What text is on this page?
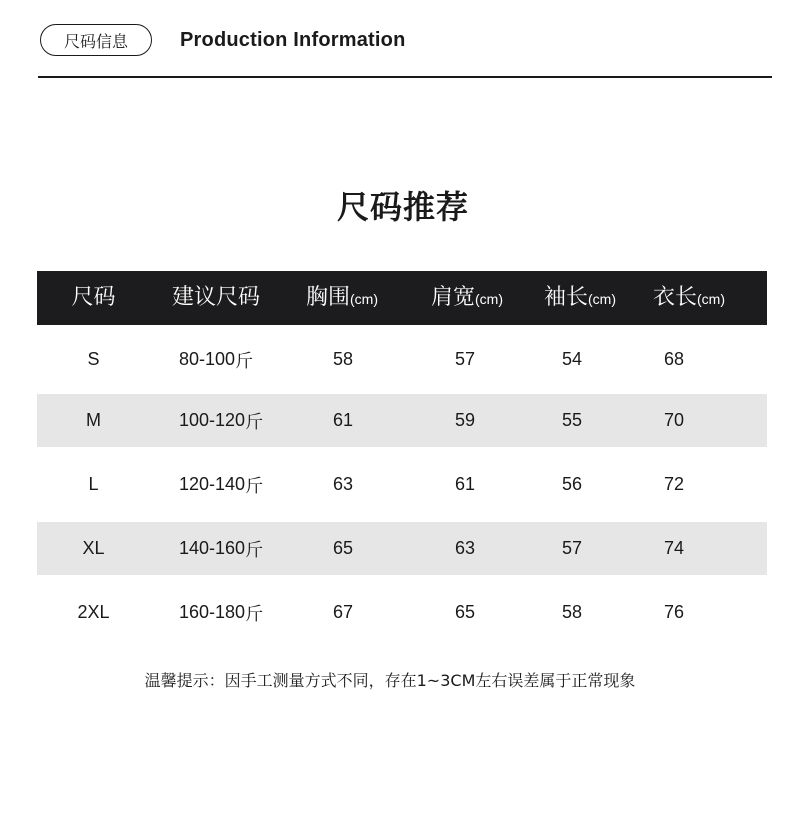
尺码信息	Production Information
尺码推荐
尺码	建议尺码 胸围(cm) 肩宽(cm) 袖长(cm) 衣长(cm)
S	80-100 斤	58	57	54	68
M	100-120 斤	61	59	55	70
L	120-140 斤	63	61	56	72
XL	140-160 斤	65	63	57	74
2XL	160-180 斤	67	65	58	76
温馨提示：因手工测量方式不同，存在1~3CM左右误差属于正常现象
